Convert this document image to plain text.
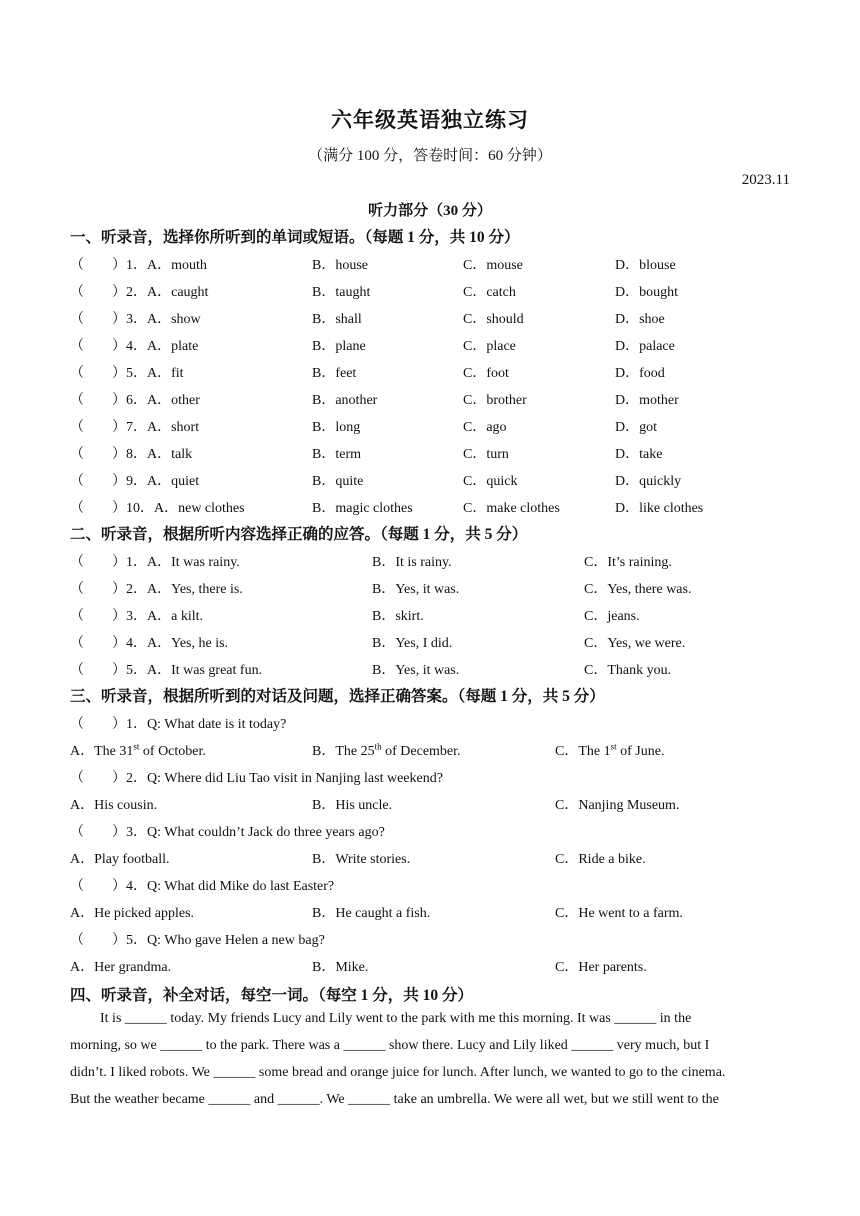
六年级英语独立练习
（满分 100 分，答卷时间：60 分钟）
2023.11
听力部分（30 分）
一、听录音，选择你所听到的单词或短语。（每题 1 分，共 10 分）
（　　）1．A．mouth	B．house	C．mouse	D．blouse
（　　）2．A．caught	B．taught	C．catch	D．bought
（　　）3．A．show	B．shall	C．should	D．shoe
（　　）4．A．plate	B．plane	C．place	D．palace
（　　）5．A．fit	B．feet	C．foot	D．food
（　　）6．A．other	B．another	C．brother	D．mother
（　　）7．A．short	B．long	C．ago	D．got
（　　）8．A．talk	B．term	C．turn	D．take
（　　）9．A．quiet	B．quite	C．quick	D．quickly
（　　）10．A．new clothes	B．magic clothes	C．make clothes	D．like clothes
二、听录音，根据所听内容选择正确的应答。（每题 1 分，共 5 分）
（　　）1．A．It was rainy.	B．It is rainy.	C．It’s raining.
（　　）2．A．Yes, there is.	B．Yes, it was.	C．Yes, there was.
（　　）3．A．a kilt.	B．skirt.	C．jeans.
（　　）4．A．Yes, he is.	B．Yes, I did.	C．Yes, we were.
（　　）5．A．It was great fun.	B．Yes, it was.	C．Thank you.
三、听录音，根据所听到的对话及问题，选择正确答案。（每题 1 分，共 5 分）
（　　）1．Q: What date is it today?
A．The 31st of October.	B．The 25th of December.	C．The 1st of June.
（　　）2．Q: Where did Liu Tao visit in Nanjing last weekend?
A．His cousin.	B．His uncle.	C．Nanjing Museum.
（　　）3．Q: What couldn’t Jack do three years ago?
A．Play football.	B．Write stories.	C．Ride a bike.
（　　）4．Q: What did Mike do last Easter?
A．He picked apples.	B．He caught a fish.	C．He went to a farm.
（　　）5．Q: Who gave Helen a new bag?
A．Her grandma.	B．Mike.	C．Her parents.
四、听录音，补全对话，每空一词。（每空 1 分，共 10 分）

It is ______ today. My friends Lucy and Lily went to the park with me this morning. It was ______ in the

morning, so we ______ to the park. There was a ______ show there. Lucy and Lily liked ______ very much, but I

didn’t. I liked robots. We ______ some bread and orange juice for lunch. After lunch, we wanted to go to the cinema.

But the weather became ______ and ______. We ______ take an umbrella. We were all wet, but we still went to the
